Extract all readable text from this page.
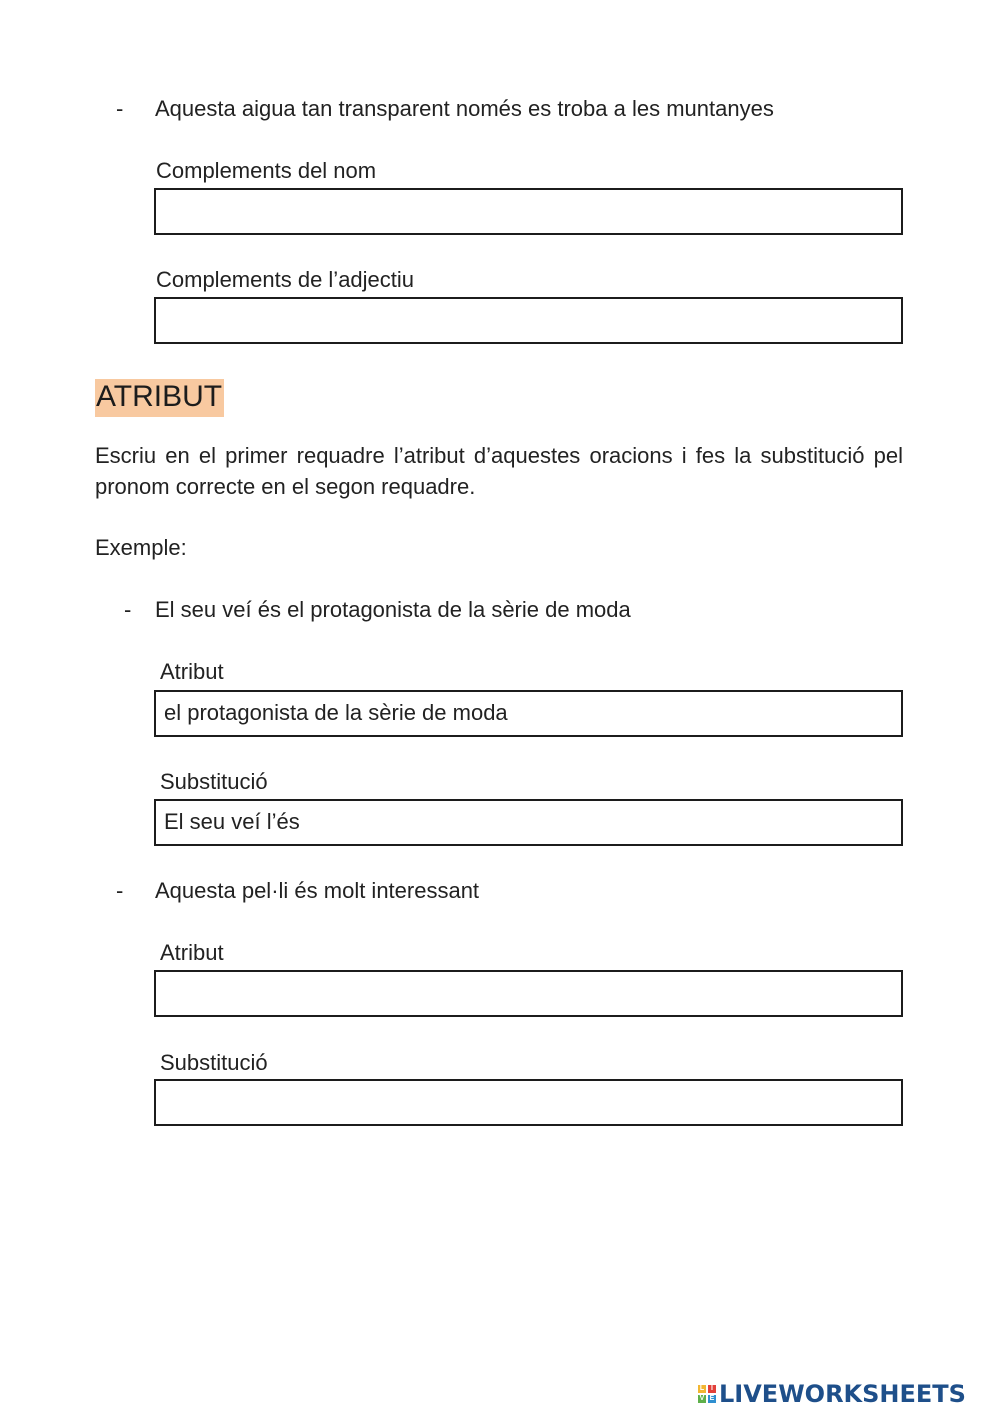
- Aquesta aigua tan transparent només es troba a les muntanyes
Complements del nom
Complements de l’adjectiu
ATRIBUT
Escriu en el primer requadre l’atribut d’aquestes oracions i fes la substitució pel pronom correcte en el segon requadre.
Exemple:
- El seu veí és el protagonista de la sèrie de moda
Atribut
el protagonista de la sèrie de moda
Substitució
El seu veí l’és
- Aquesta pel·li és molt interessant
Atribut
Substitució
L I
V E LIVEWORKSHEETS
